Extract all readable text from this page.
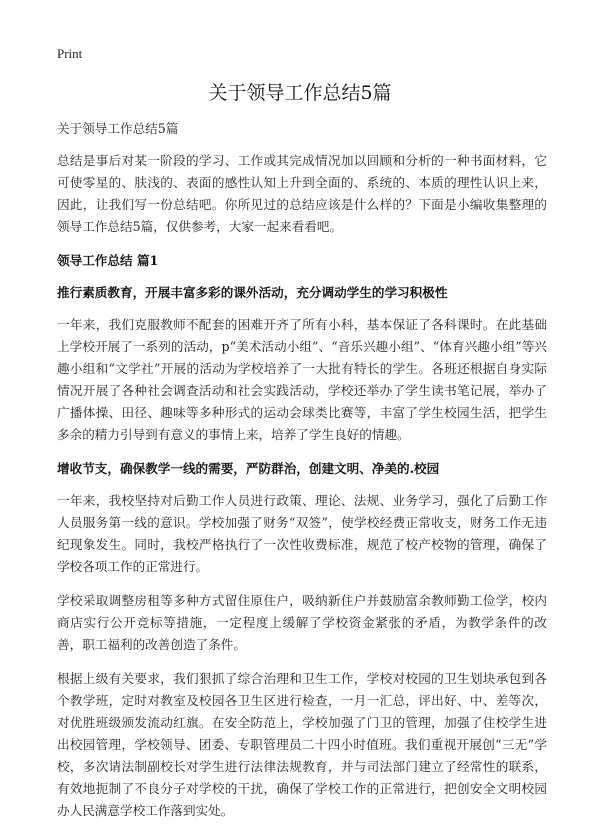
Print
关于领导工作总结5篇

关于领导工作总结5篇

总结是事后对某一阶段的学习、工作或其完成情况加以回顾和分析的一种书面材料，它可使零星的、肤浅的、表面的感性认知上升到全面的、系统的、本质的理性认识上来，因此，让我们写一份总结吧。你所见过的总结应该是什么样的？下面是小编收集整理的领导工作总结5篇，仅供参考，大家一起来看看吧。

领导工作总结 篇1

推行素质教育，开展丰富多彩的课外活动，充分调动学生的学习积极性

一年来，我们克服教师不配套的困难开齐了所有小科，基本保证了各科课时。在此基础上学校开展了一系列的活动，p“美术活动小组”、“音乐兴趣小组”、“体育兴趣小组”等兴趣小组和“文学社”开展的活动为学校培养了一大批有特长的学生。各班还根据自身实际情况开展了各种社会调查活动和社会实践活动，学校还举办了学生读书笔记展，举办了广播体操、田径、趣味等多种形式的运动会球类比赛等，丰富了学生校园生活，把学生多余的精力引导到有意义的事情上来，培养了学生良好的情趣。

增收节支，确保教学一线的需要，严防群治，创建文明、净美的.校园

一年来，我校坚持对后勤工作人员进行政策、理论、法规、业务学习，强化了后勤工作人员服务第一线的意识。学校加强了财务“双签”，使学校经费正常收支，财务工作无违纪现象发生。同时，我校严格执行了一次性收费标准，规范了校产校物的管理，确保了学校各项工作的正常进行。

学校采取调整房租等多种方式留住原住户，吸纳新住户并鼓励富余教师勤工俭学，校内商店实行公开竞标等措施，一定程度上缓解了学校资金紧张的矛盾，为教学条件的改善，职工福利的改善创造了条件。

根据上级有关要求，我们狠抓了综合治理和卫生工作，学校对校园的卫生划块承包到各个教学班，定时对教室及校园各卫生区进行检查，一月一汇总，评出好、中、差等次，对优胜班级颁发流动红旗。在安全防范上，学校加强了门卫的管理，加强了住校学生进出校园管理，学校领导、团委、专职管理员二十四小时值班。我们重视开展创“三无”学校，多次请法制副校长对学生进行法律法规教育，并与司法部门建立了经常性的联系，有效地扼制了不良分子对学校的干扰，确保了学校工作的正常进行，把创安全文明校园办人民满意学校工作落到实处。
